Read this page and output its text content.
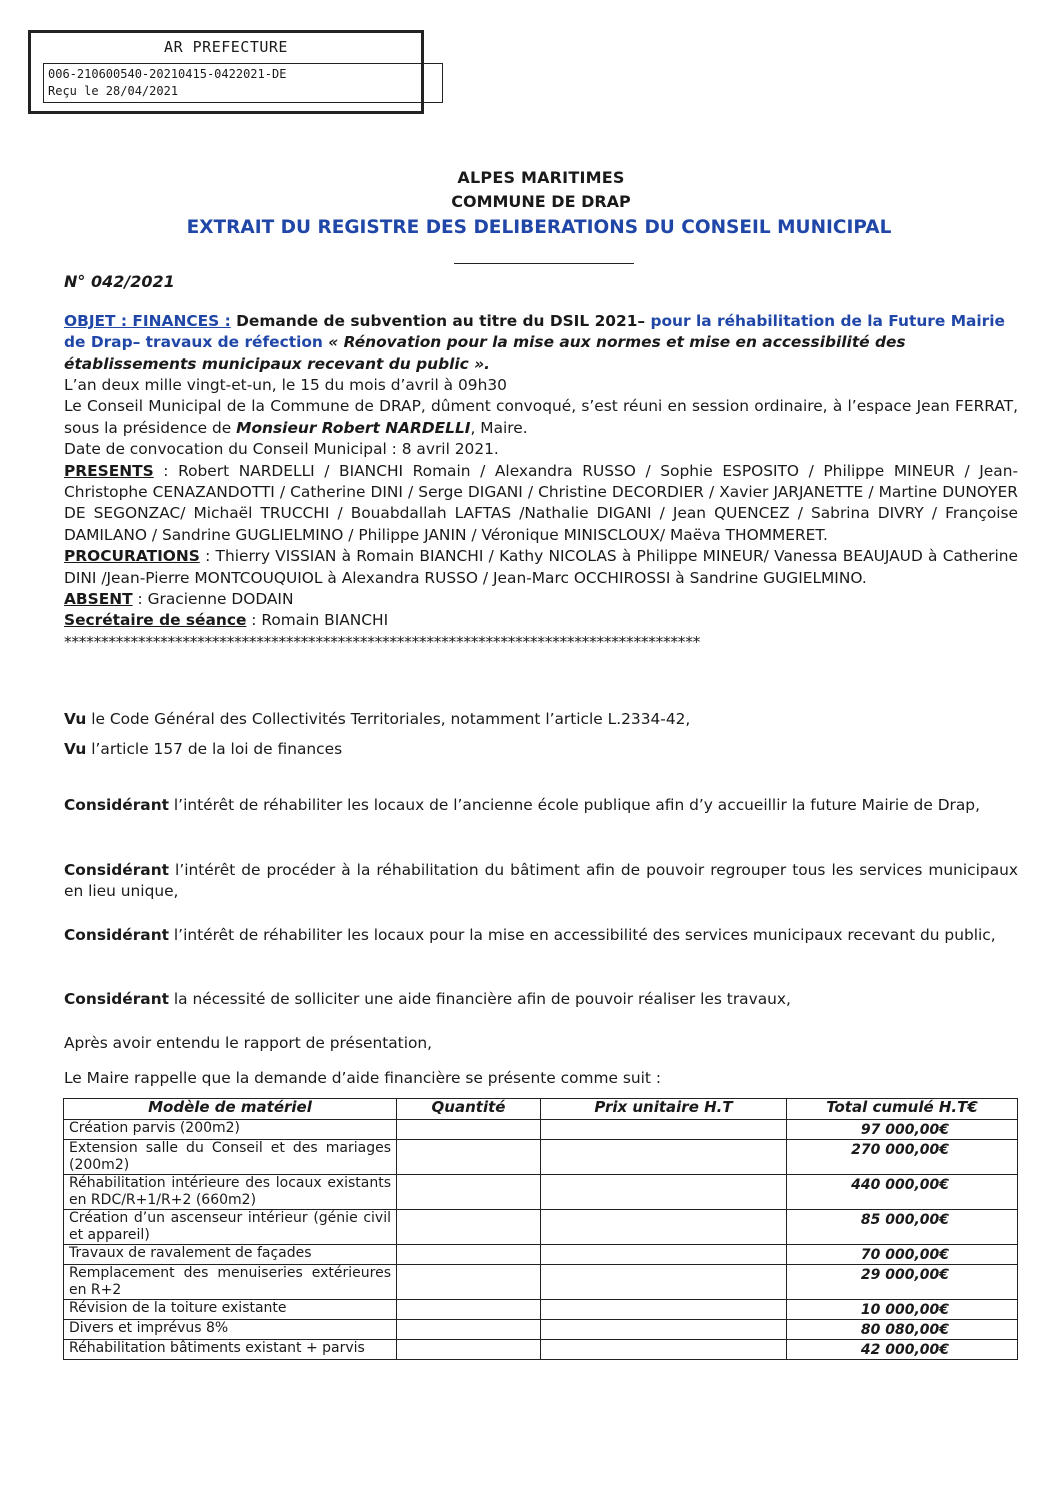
AR PREFECTURE
006-210600540-20210415-0422021-DE
Reçu le 28/04/2021
ALPES MARITIMES
COMMUNE DE DRAP
EXTRAIT DU REGISTRE DES DELIBERATIONS DU CONSEIL MUNICIPAL
N° 042/2021
OBJET : FINANCES : Demande de subvention au titre du DSIL 2021– pour la réhabilitation de la Future Mairie de Drap– travaux de réfection « Rénovation pour la mise aux normes et mise en accessibilité des établissements municipaux recevant du public ».

L’an deux mille vingt-et-un, le 15 du mois d’avril à 09h30

Le Conseil Municipal de la Commune de DRAP, dûment convoqué, s’est réuni en session ordinaire, à l’espace Jean FERRAT, sous la présidence de Monsieur Robert NARDELLI, Maire.

Date de convocation du Conseil Municipal : 8 avril 2021.

PRESENTS : Robert NARDELLI / BIANCHI Romain / Alexandra RUSSO / Sophie ESPOSITO / Philippe MINEUR / Jean-Christophe CENAZANDOTTI / Catherine DINI / Serge DIGANI / Christine DECORDIER / Xavier JARJANETTE / Martine DUNOYER DE SEGONZAC/ Michaël TRUCCHI / Bouabdallah LAFTAS /Nathalie DIGANI / Jean QUENCEZ / Sabrina DIVRY / Françoise DAMILANO / Sandrine GUGLIELMINO / Philippe JANIN / Véronique MINISCLOUX/ Maëva THOMMERET.

PROCURATIONS : Thierry VISSIAN à Romain BIANCHI / Kathy NICOLAS à Philippe MINEUR/ Vanessa BEAUJAUD à Catherine DINI /Jean-Pierre MONTCOUQUIOL à Alexandra RUSSO / Jean-Marc OCCHIROSSI à Sandrine GUGIELMINO.

ABSENT : Gracienne DODAIN

Secrétaire de séance : Romain BIANCHI

**************************************************************************************

Vu le Code Général des Collectivités Territoriales, notamment l’article L.2334-42,
Vu l’article 157 de la loi de finances
Considérant l’intérêt de réhabiliter les locaux de l’ancienne école publique afin d’y accueillir la future Mairie de Drap,
Considérant l’intérêt de procéder à la réhabilitation du bâtiment afin de pouvoir regrouper tous les services municipaux en lieu unique,
Considérant l’intérêt de réhabiliter les locaux pour la mise en accessibilité des services municipaux recevant du public,
Considérant la nécessité de solliciter une aide financière afin de pouvoir réaliser les travaux,
Après avoir entendu le rapport de présentation,
Le Maire rappelle que la demande d’aide financière se présente comme suit :
Modèle de matériel	Quantité	Prix unitaire H.T	Total cumulé H.T€
Création parvis (200m2)			97 000,00€
Extension salle du Conseil et des mariages (200m2)			270 000,00€
Réhabilitation intérieure des locaux existants en RDC/R+1/R+2 (660m2)			440 000,00€
Création d’un ascenseur intérieur (génie civil et appareil)			85 000,00€
Travaux de ravalement de façades			70 000,00€
Remplacement des menuiseries extérieures en R+2			29 000,00€
Révision de la toiture existante			10 000,00€
Divers et imprévus 8%			80 080,00€
Réhabilitation bâtiments existant + parvis			42 000,00€
